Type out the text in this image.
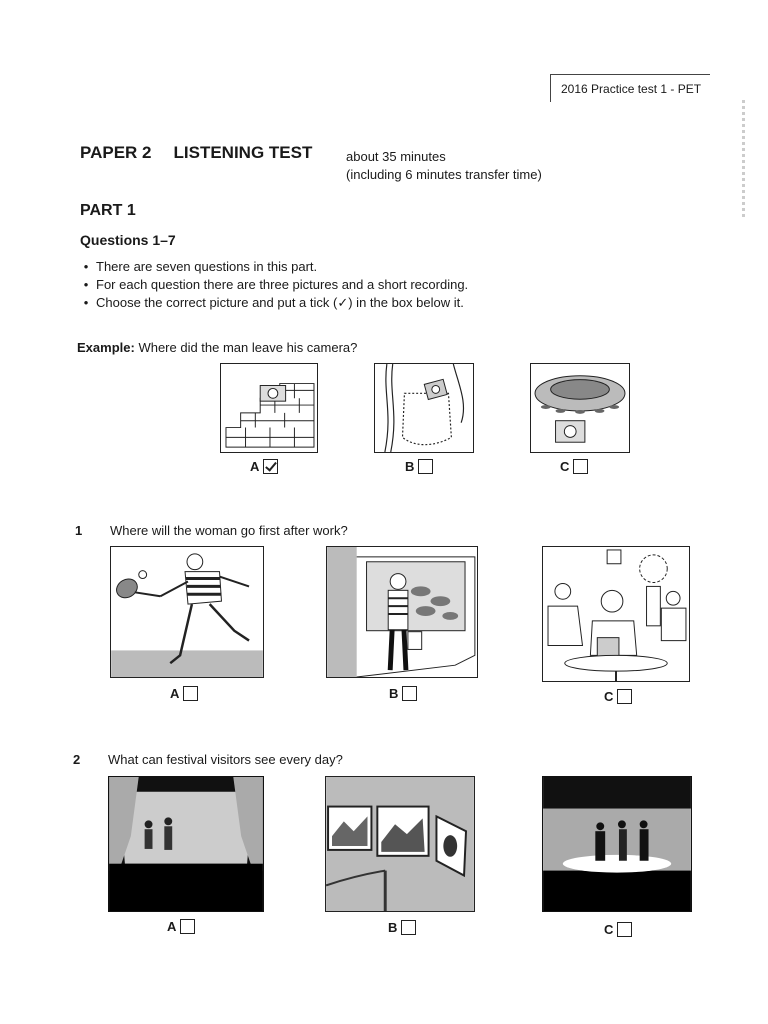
2016 Practice test 1 - PET
PAPER 2 LISTENING TEST	about 35 minutes
(including 6 minutes transfer time)
PART 1
Questions 1–7
• There are seven questions in this part.
• For each question there are three pictures and a short recording.
• Choose the correct picture and put a tick (✓) in the box below it.
Example: Where did the man leave his camera?
A	B	C
1 Where will the woman go first after work?
A	B	C
2 What can festival visitors see every day?
A	B	C
